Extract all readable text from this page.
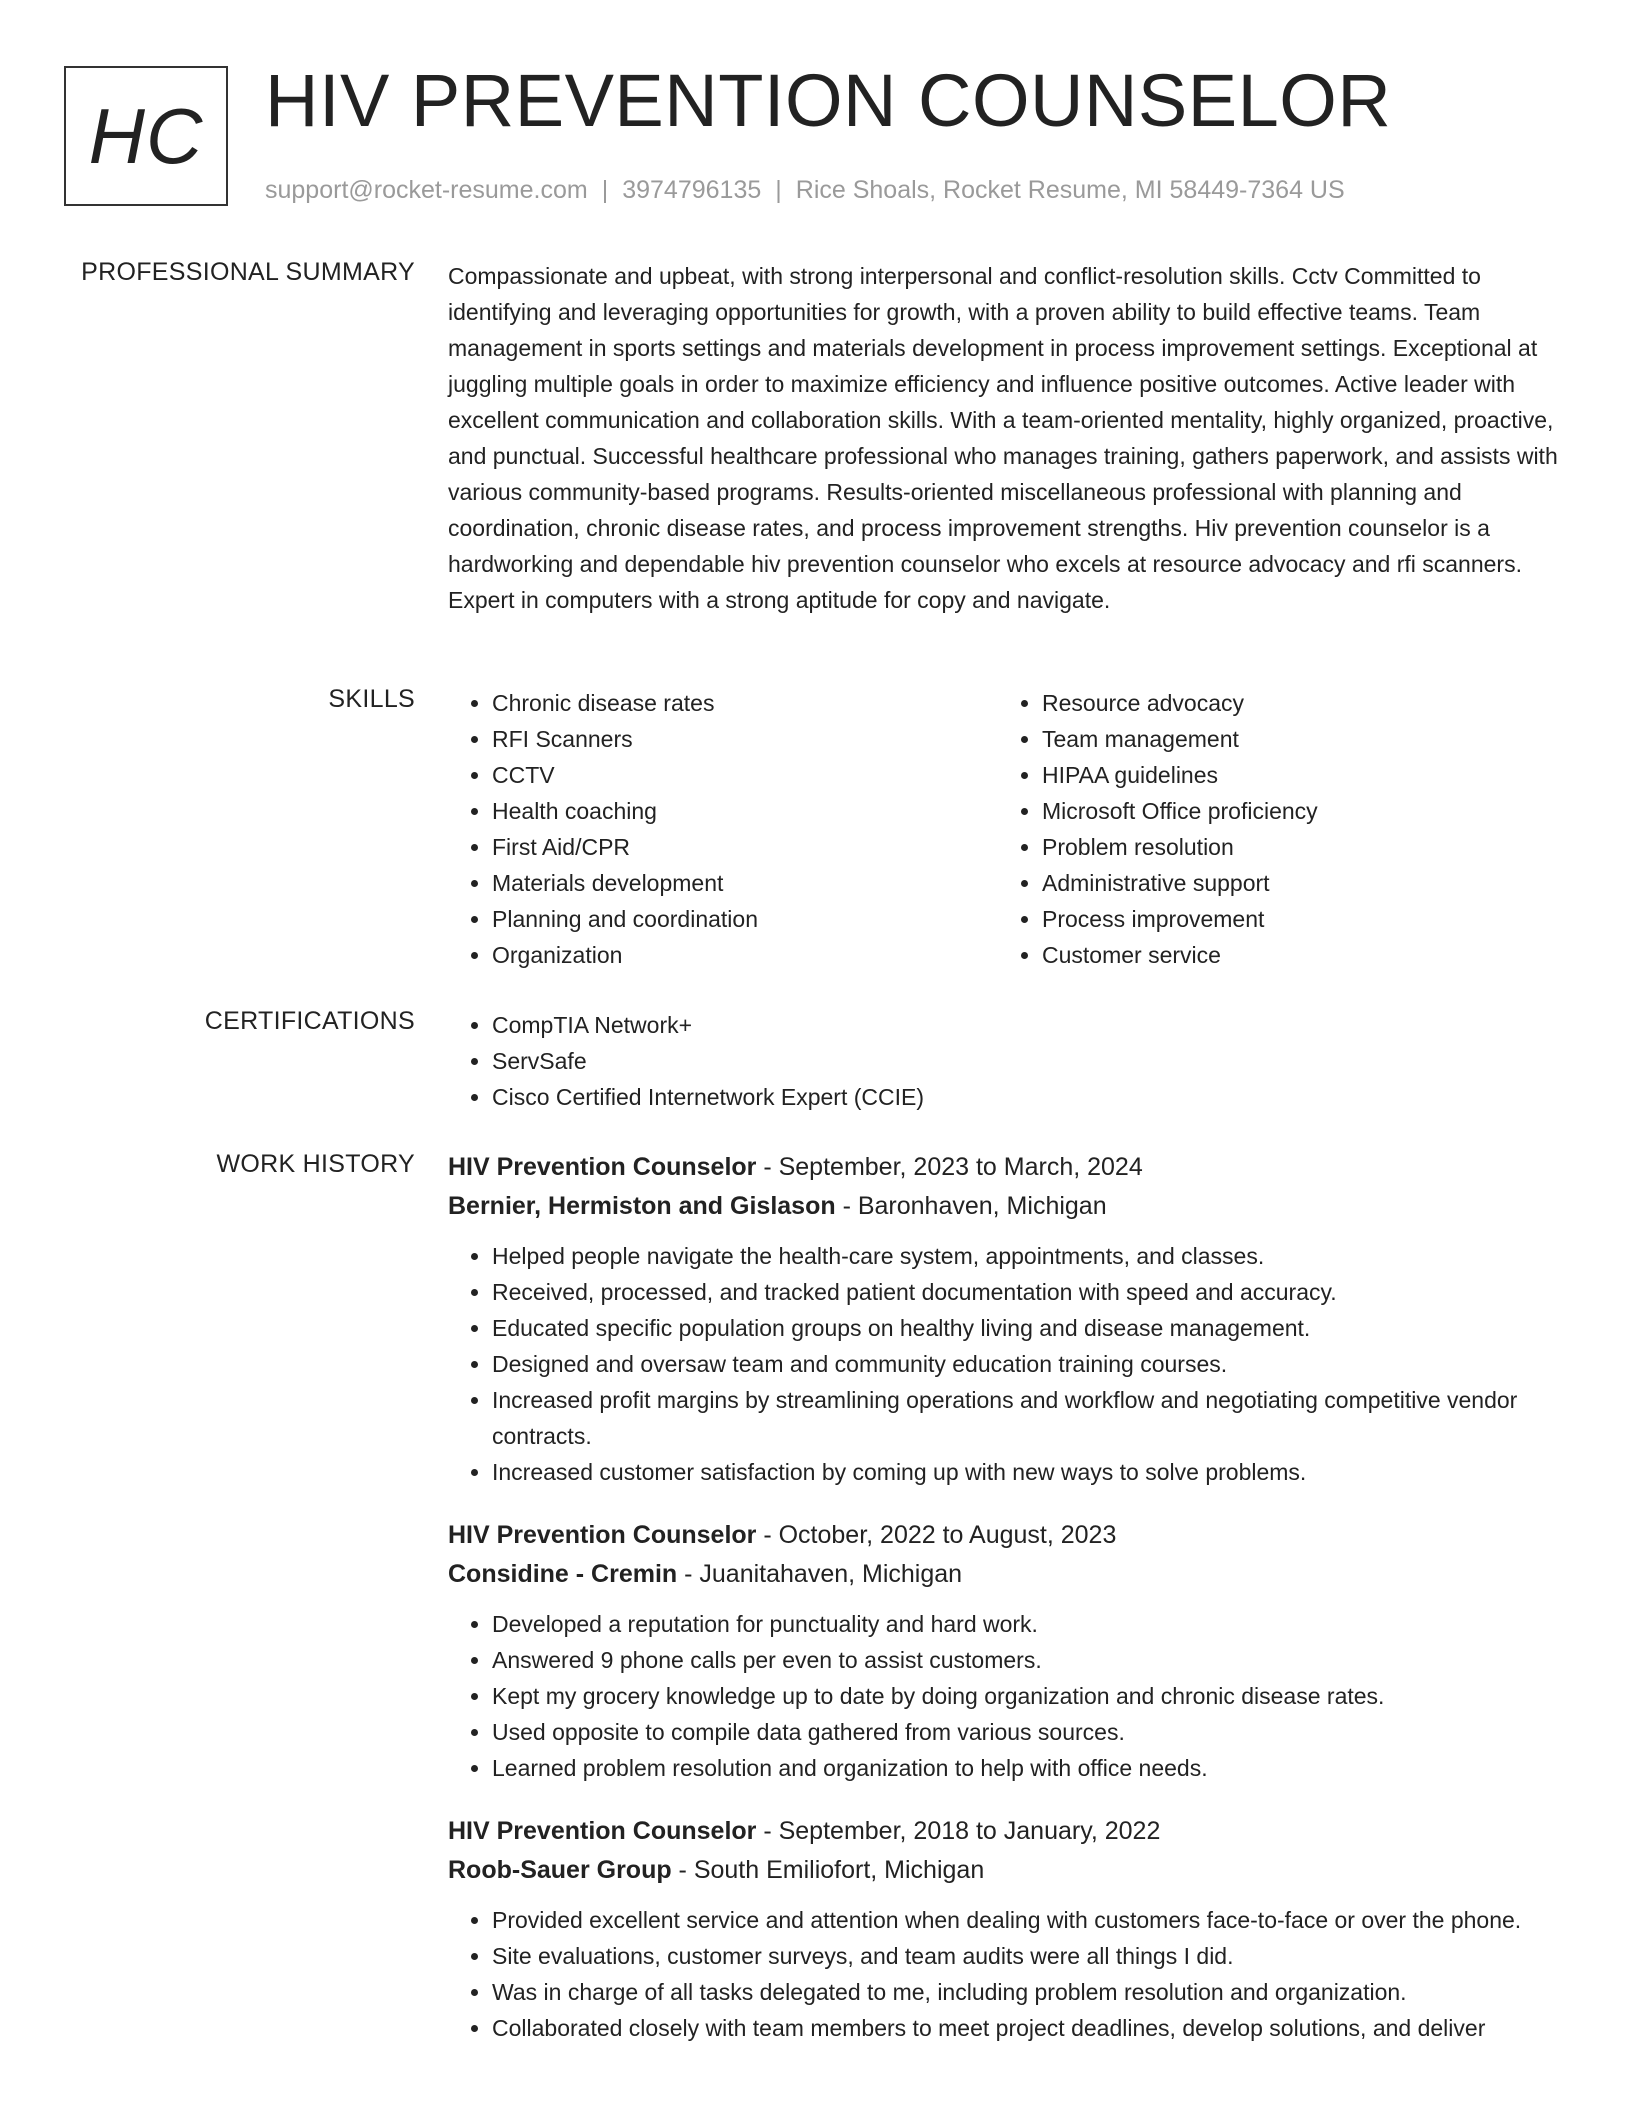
HC HIV PREVENTION COUNSELOR
support@rocket-resume.com | 3974796135 | Rice Shoals, Rocket Resume, MI 58449-7364 US
PROFESSIONAL SUMMARY Compassionate and upbeat, with strong interpersonal and conflict-resolution skills. Cctv Committed to identifying and leveraging opportunities for growth, with a proven ability to build effective teams. Team management in sports settings and materials development in process improvement settings. Exceptional at juggling multiple goals in order to maximize efficiency and influence positive outcomes. Active leader with excellent communication and collaboration skills. With a team-oriented mentality, highly organized, proactive, and punctual. Successful healthcare professional who manages training, gathers paperwork, and assists with various community-based programs. Results-oriented miscellaneous professional with planning and coordination, chronic disease rates, and process improvement strengths. Hiv prevention counselor is a hardworking and dependable hiv prevention counselor who excels at resource advocacy and rfi scanners. Expert in computers with a strong aptitude for copy and navigate.

SKILLS	• Chronic disease rates
• RFI Scanners
• CCTV
• Health coaching
• First Aid/CPR
• Materials development
• Planning and coordination
• Organization
• Resource advocacy
• Team management
• HIPAA guidelines
• Microsoft Office proficiency
• Problem resolution
• Administrative support
• Process improvement
• Customer service
CERTIFICATIONS	• CompTIA Network+
• ServSafe
• Cisco Certified Internetwork Expert (CCIE)
WORK HISTORY HIV Prevention Counselor - September, 2023 to March, 2024
Bernier, Hermiston and Gislason - Baronhaven, Michigan
• Helped people navigate the health-care system, appointments, and classes.
• Received, processed, and tracked patient documentation with speed and accuracy.
• Educated specific population groups on healthy living and disease management.
• Designed and oversaw team and community education training courses.
• Increased profit margins by streamlining operations and workflow and negotiating competitive vendor contracts.
• Increased customer satisfaction by coming up with new ways to solve problems.
HIV Prevention Counselor - October, 2022 to August, 2023
Considine - Cremin - Juanitahaven, Michigan
• Developed a reputation for punctuality and hard work.
• Answered 9 phone calls per even to assist customers.
• Kept my grocery knowledge up to date by doing organization and chronic disease rates.
• Used opposite to compile data gathered from various sources.
• Learned problem resolution and organization to help with office needs.
HIV Prevention Counselor - September, 2018 to January, 2022
Roob-Sauer Group - South Emiliofort, Michigan
• Provided excellent service and attention when dealing with customers face-to-face or over the phone.
• Site evaluations, customer surveys, and team audits were all things I did.
• Was in charge of all tasks delegated to me, including problem resolution and organization.
• Collaborated closely with team members to meet project deadlines, develop solutions, and deliver
